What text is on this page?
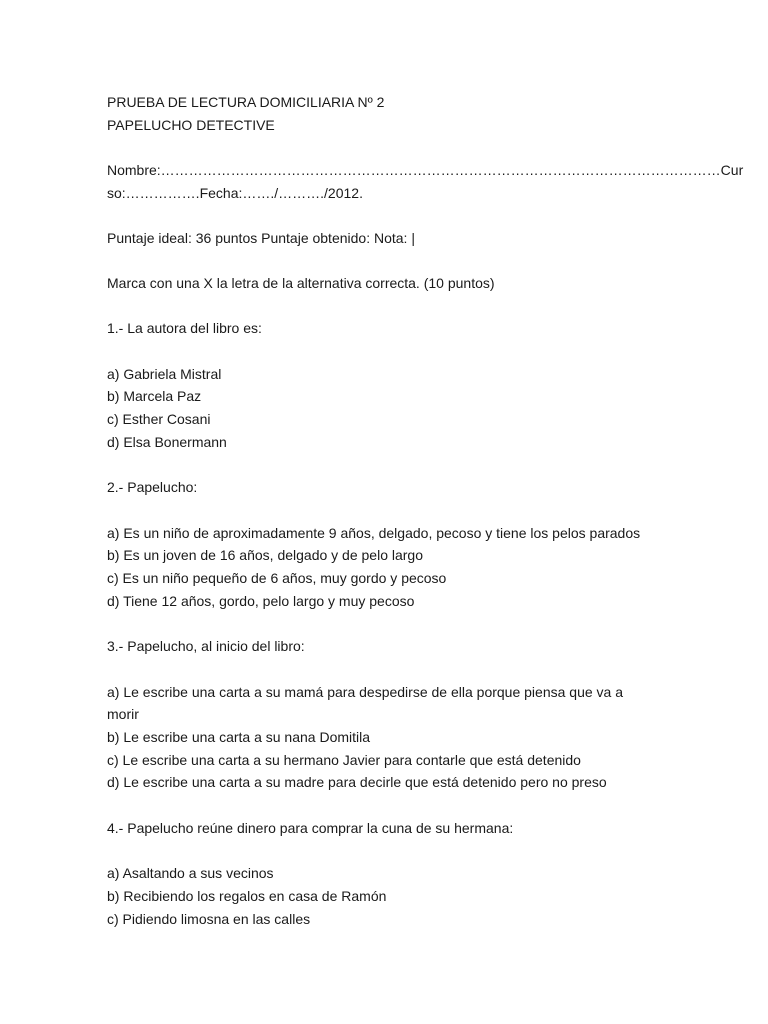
PRUEBA DE LECTURA DOMICILIARIA Nº 2
PAPELUCHO DETECTIVE
Nombre:…………………………………………………………………………………………………………Cur
so:…………….Fecha:……./………./2012.
Puntaje ideal: 36 puntos Puntaje obtenido: Nota: |
Marca con una X la letra de la alternativa correcta. (10 puntos)
1.- La autora del libro es:
a) Gabriela Mistral
b) Marcela Paz
c) Esther Cosani
d) Elsa Bonermann
2.- Papelucho:
a) Es un niño de aproximadamente 9 años, delgado, pecoso y tiene los pelos parados
b) Es un joven de 16 años, delgado y de pelo largo
c) Es un niño pequeño de 6 años, muy gordo y pecoso
d) Tiene 12 años, gordo, pelo largo y muy pecoso
3.- Papelucho, al inicio del libro:
a) Le escribe una carta a su mamá para despedirse de ella porque piensa que va a
morir
b) Le escribe una carta a su nana Domitila
c) Le escribe una carta a su hermano Javier para contarle que está detenido
d) Le escribe una carta a su madre para decirle que está detenido pero no preso
4.- Papelucho reúne dinero para comprar la cuna de su hermana:
a) Asaltando a sus vecinos
b) Recibiendo los regalos en casa de Ramón
c) Pidiendo limosna en las calles
